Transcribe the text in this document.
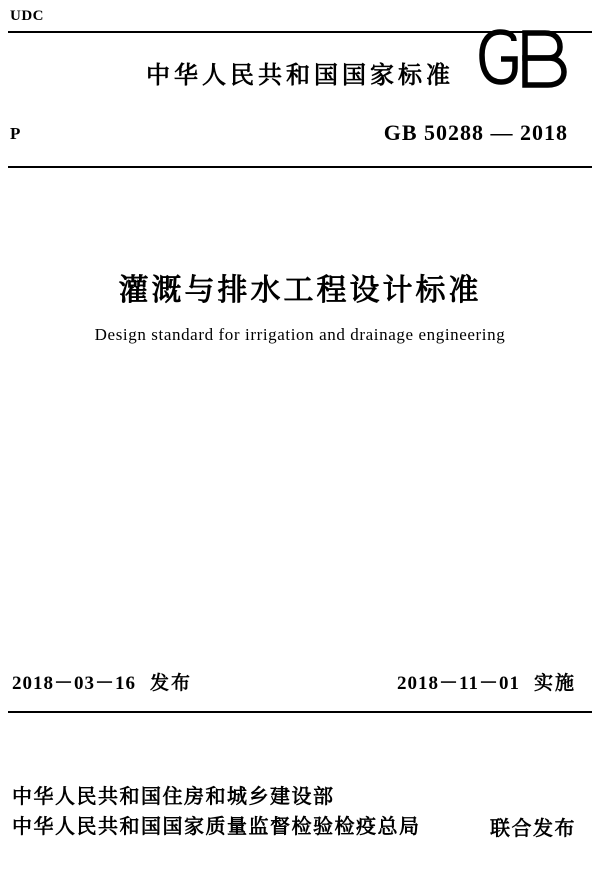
UDC
中华人民共和国国家标准
P	GB 50288 — 2018
灌溉与排水工程设计标准
Design standard for irrigation and drainage engineering
2018－03－16 发布	2018－11－01 实施
中华人民共和国住房和城乡建设部
中华人民共和国国家质量监督检验检疫总局	联合发布
